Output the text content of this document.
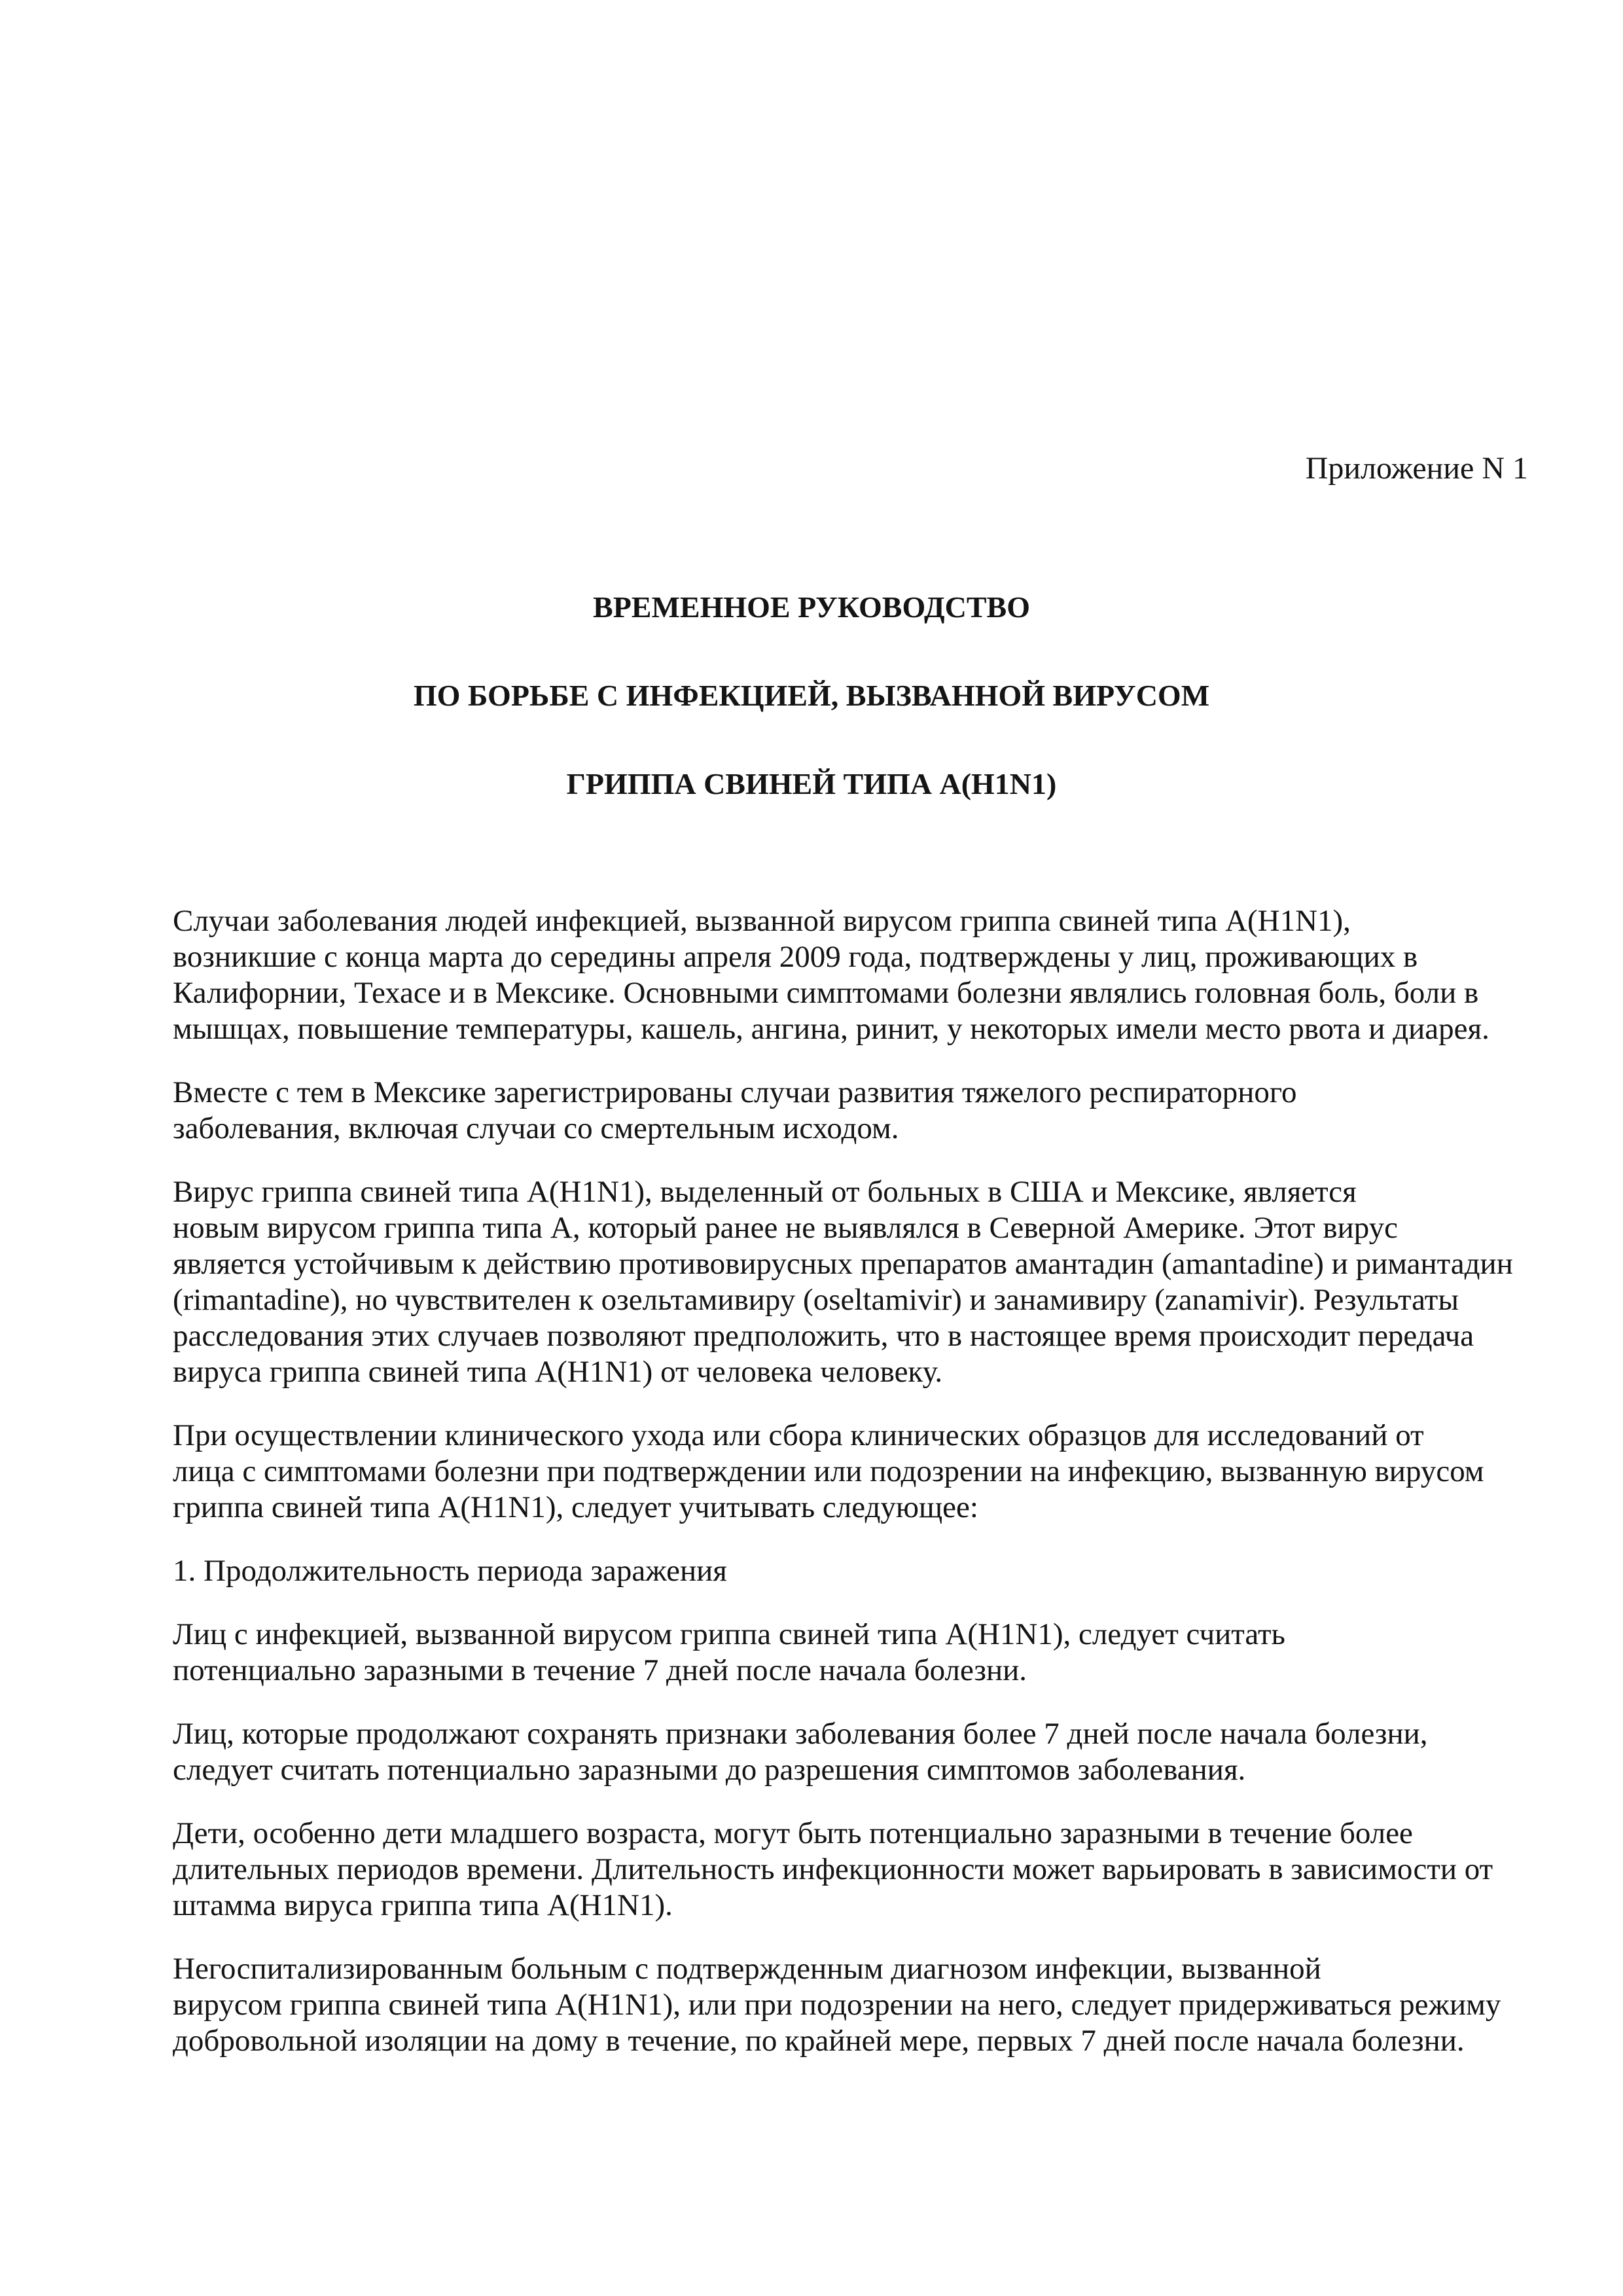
Приложение N 1

ВРЕМЕННОЕ РУКОВОДСТВО

ПО БОРЬБЕ С ИНФЕКЦИЕЙ, ВЫЗВАННОЙ ВИРУСОМ

ГРИППА СВИНЕЙ ТИПА A(H1N1)

Случаи заболевания людей инфекцией, вызванной вирусом гриппа свиней типа A(H1N1),
возникшие с конца марта до середины апреля 2009 года, подтверждены у лиц, проживающих в
Калифорнии, Техасе и в Мексике. Основными симптомами болезни являлись головная боль, боли в
мышцах, повышение температуры, кашель, ангина, ринит, у некоторых имели место рвота и диарея.

Вместе с тем в Мексике зарегистрированы случаи развития тяжелого респираторного
заболевания, включая случаи со смертельным исходом.

Вирус гриппа свиней типа A(H1N1), выделенный от больных в США и Мексике, является
новым вирусом гриппа типа A, который ранее не выявлялся в Северной Америке. Этот вирус
является устойчивым к действию противовирусных препаратов амантадин (amantadine) и римантадин
(rimantadine), но чувствителен к озельтамивиру (oseltamivir) и занамивиру (zanamivir). Результаты
расследования этих случаев позволяют предположить, что в настоящее время происходит передача
вируса гриппа свиней типа A(H1N1) от человека человеку.

При осуществлении клинического ухода или сбора клинических образцов для исследований от
лица с симптомами болезни при подтверждении или подозрении на инфекцию, вызванную вирусом
гриппа свиней типа A(H1N1), следует учитывать следующее:

1. Продолжительность периода заражения

Лиц с инфекцией, вызванной вирусом гриппа свиней типа A(H1N1), следует считать
потенциально заразными в течение 7 дней после начала болезни.

Лиц, которые продолжают сохранять признаки заболевания более 7 дней после начала болезни,
следует считать потенциально заразными до разрешения симптомов заболевания.

Дети, особенно дети младшего возраста, могут быть потенциально заразными в течение более
длительных периодов времени. Длительность инфекционности может варьировать в зависимости от
штамма вируса гриппа типа A(H1N1).

Негоспитализированным больным с подтвержденным диагнозом инфекции, вызванной
вирусом гриппа свиней типа A(H1N1), или при подозрении на него, следует придерживаться режиму
добровольной изоляции на дому в течение, по крайней мере, первых 7 дней после начала болезни.
